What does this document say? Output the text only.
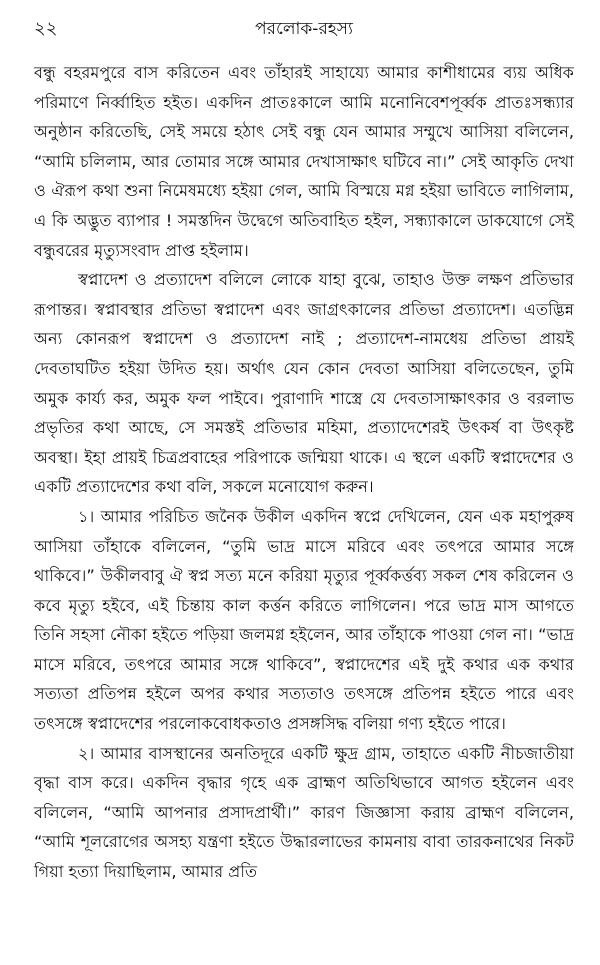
২২	পরলোক-রহস্য

বন্ধু বহরমপুরে বাস করিতেন এবং তাঁহারই সাহায্যে আমার কাশীধামের ব্যয় অধিক পরিমাণে নির্ব্বাহিত হইত। একদিন প্রাতঃকালে আমি মনোনিবেশপূর্ব্বক প্রাতঃসন্ধ্যার অনুষ্ঠান করিতেছি, সেই সময়ে হঠাৎ সেই বন্ধু যেন আমার সম্মুখে আসিয়া বলিলেন, “আমি চলিলাম, আর তোমার সঙ্গে আমার দেখাসাক্ষাৎ ঘটিবে না।” সেই আকৃতি দেখা ও ঐরূপ কথা শুনা নিমেষমধ্যে হইয়া গেল, আমি বিস্ময়ে মগ্ন হইয়া ভাবিতে লাগিলাম, এ কি অদ্ভুত ব্যাপার ! সমস্তদিন উদ্বেগে অতিবাহিত হইল, সন্ধ্যাকালে ডাকযোগে সেই বন্ধুবরের মৃত্যুসংবাদ প্রাপ্ত হইলাম।

স্বপ্নাদেশ ও প্রত্যাদেশ বলিলে লোকে যাহা বুঝে, তাহাও উক্ত লক্ষণ প্রতিভার রূপান্তর। স্বপ্নাবস্থার প্রতিভা স্বপ্নাদেশ এবং জাগ্রৎকালের প্রতিভা প্রত্যাদেশ। এতদ্ভিন্ন অন্য কোনরূপ স্বপ্নাদেশ ও প্রত্যাদেশ নাই ; প্রত্যাদেশ-নামধেয় প্রতিভা প্রায়ই দেবতাঘটিত হইয়া উদিত হয়। অর্থাৎ যেন কোন দেবতা আসিয়া বলিতেছেন, তুমি অমুক কার্য্য কর, অমুক ফল পাইবে। পুরাণাদি শাস্ত্রে যে দেবতাসাক্ষাৎকার ও বরলাভ প্রভৃতির কথা আছে, সে সমস্তই প্রতিভার মহিমা, প্রত্যাদেশেরই উৎকর্ষ বা উৎকৃষ্ট অবস্থা। ইহা প্রায়ই চিত্রপ্রবাহের পরিপাকে জন্মিয়া থাকে। এ স্থলে একটি স্বপ্নাদেশের ও একটি প্রত্যাদেশের কথা বলি, সকলে মনোযোগ করুন।

১। আমার পরিচিত জনৈক উকীল একদিন স্বপ্নে দেখিলেন, যেন এক মহাপুরুষ আসিয়া তাঁহাকে বলিলেন, “তুমি ভাদ্র মাসে মরিবে এবং তৎপরে আমার সঙ্গে থাকিবে।” উকীলবাবু ঐ স্বপ্ন সত্য মনে করিয়া মৃত্যুর পূর্ব্বকর্ত্তব্য সকল শেষ করিলেন ও কবে মৃত্যু হইবে, এই চিন্তায় কাল কর্ত্তন করিতে লাগিলেন। পরে ভাদ্র মাস আগতে তিনি সহসা নৌকা হইতে পড়িয়া জলমগ্ন হইলেন, আর তাঁহাকে পাওয়া গেল না। “ভাদ্র মাসে মরিবে, তৎপরে আমার সঙ্গে থাকিবে”, স্বপ্নাদেশের এই দুই কথার এক কথার সত্যতা প্রতিপন্ন হইলে অপর কথার সত্যতাও তৎসঙ্গে প্রতিপন্ন হইতে পারে এবং তৎসঙ্গে স্বপ্নাদেশের পরলোকবোধকতাও প্রসঙ্গসিদ্ধ বলিয়া গণ্য হইতে পারে।

২। আমার বাসস্থানের অনতিদূরে একটি ক্ষুদ্র গ্রাম, তাহাতে একটি নীচজাতীয়া বৃদ্ধা বাস করে। একদিন বৃদ্ধার গৃহে এক ব্রাহ্মণ অতিথিভাবে আগত হইলেন এবং বলিলেন, “আমি আপনার প্রসাদপ্রার্থী।” কারণ জিজ্ঞাসা করায় ব্রাহ্মণ বলিলেন, “আমি শূলরোগের অসহ্য যন্ত্রণা হইতে উদ্ধারলাভের কামনায় বাবা তারকনাথের নিকট গিয়া হত্যা দিয়াছিলাম, আমার প্রতি
